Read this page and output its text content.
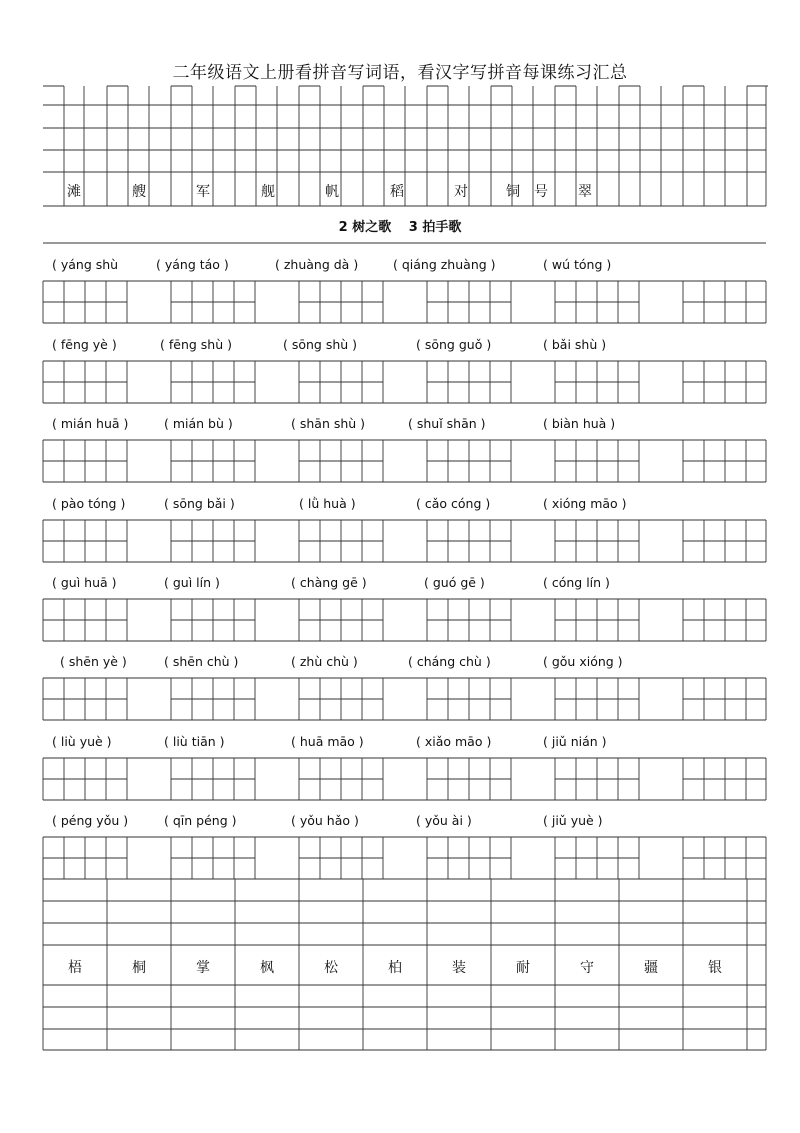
二年级语文上册看拼音写词语，看汉字写拼音每课练习汇总
2 树之歌　 3 拍手歌
滩	艘	军	舰	帆	稻	对	铜 号 翠
( yáng shù	( yáng táo )	( zhuàng dà )	( qiáng zhuàng )	( wú tóng )
( fēng yè )	( fēng shù )	( sōng shù )	( sōng guǒ )	( bǎi shù )
( mián huā )	( mián bù )	( shān shù )	( shuǐ shān )	( biàn huà )
( pào tóng )	( sōng bǎi )	( lǜ huà )	( cǎo cóng )	( xióng māo )
( guì huā )	( guì lín )	( chàng gē )	( guó gē )	( cóng lín )
( shēn yè )	( shēn chù )	( zhù chù )	( cháng chù )	( gǒu xióng )
( liù yuè )	( liù tiān )	( huā māo )	( xiǎo māo )	( jiǔ nián )
( péng yǒu )	( qīn péng )	( yǒu hǎo )	( yǒu ài )	( jiǔ yuè )
梧	桐	掌	枫	松	柏	装	耐	守	疆	银
